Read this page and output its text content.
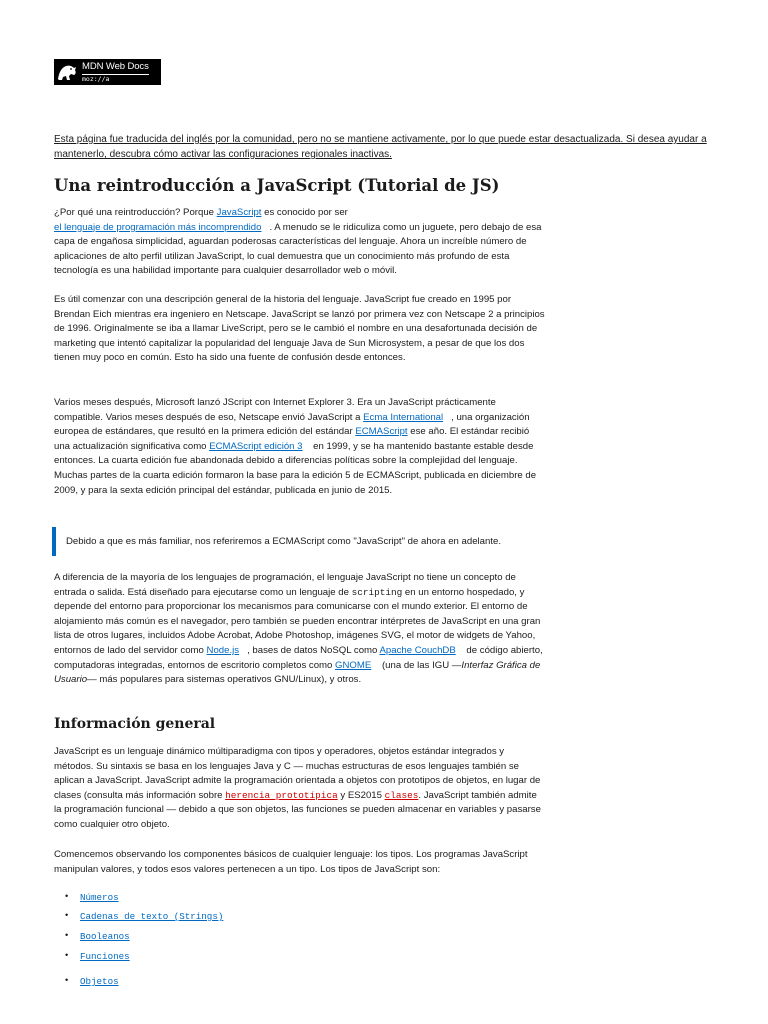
MDN Web Docs
moz://a
Esta página fue traducida del inglés por la comunidad, pero no se mantiene activamente, por lo que puede estar desactualizada. Si desea ayudar a mantenerlo, descubra cómo activar las configuraciones regionales inactivas.
Una reintroducción a JavaScript (Tutorial de JS)

¿Por qué una reintroducción? Porque JavaScript es conocido por ser
el lenguaje de programación más incomprendido . A menudo se le ridiculiza como un juguete, pero debajo de esa capa de engañosa simplicidad, aguardan poderosas características del lenguaje. Ahora un increíble número de aplicaciones de alto perfil utilizan JavaScript, lo cual demuestra que un conocimiento más profundo de esta tecnología es una habilidad importante para cualquier desarrollador web o móvil.

Es útil comenzar con una descripción general de la historia del lenguaje. JavaScript fue creado en 1995 por Brendan Eich mientras era ingeniero en Netscape. JavaScript se lanzó por primera vez con Netscape 2 a principios de 1996. Originalmente se iba a llamar LiveScript, pero se le cambió el nombre en una desafortunada decisión de marketing que intentó capitalizar la popularidad del lenguaje Java de Sun Microsystem, a pesar de que los dos tienen muy poco en común. Esto ha sido una fuente de confusión desde entonces.

Varios meses después, Microsoft lanzó JScript con Internet Explorer 3. Era un JavaScript prácticamente compatible. Varios meses después de eso, Netscape envió JavaScript a Ecma International , una organización europea de estándares, que resultó en la primera edición del estándar ECMAScript ese año. El estándar recibió una actualización significativa como ECMAScript edición 3 en 1999, y se ha mantenido bastante estable desde entonces. La cuarta edición fue abandonada debido a diferencias políticas sobre la complejidad del lenguaje. Muchas partes de la cuarta edición formaron la base para la edición 5 de ECMAScript, publicada en diciembre de 2009, y para la sexta edición principal del estándar, publicada en junio de 2015.

Debido a que es más familiar, nos referiremos a ECMAScript como "JavaScript" de ahora en adelante.

A diferencia de la mayoría de los lenguajes de programación, el lenguaje JavaScript no tiene un concepto de entrada o salida. Está diseñado para ejecutarse como un lenguaje de scripting en un entorno hospedado, y depende del entorno para proporcionar los mecanismos para comunicarse con el mundo exterior. El entorno de alojamiento más común es el navegador, pero también se pueden encontrar intérpretes de JavaScript en una gran lista de otros lugares, incluidos Adobe Acrobat, Adobe Photoshop, imágenes SVG, el motor de widgets de Yahoo, entornos de lado del servidor como Node.js , bases de datos NoSQL como Apache CouchDB de código abierto, computadoras integradas, entornos de escritorio completos como GNOME (una de las IGU —Interfaz Gráfica de Usuario— más populares para sistemas operativos GNU/Linux), y otros.

Información general

JavaScript es un lenguaje dinámico múltiparadigma con tipos y operadores, objetos estándar integrados y métodos. Su sintaxis se basa en los lenguajes Java y C — muchas estructuras de esos lenguajes también se aplican a JavaScript. JavaScript admite la programación orientada a objetos con prototipos de objetos, en lugar de clases (consulta más información sobre herencia prototípica y ES2015 clases. JavaScript también admite la programación funcional — debido a que son objetos, las funciones se pueden almacenar en variables y pasarse como cualquier otro objeto.

Comencemos observando los componentes básicos de cualquier lenguaje: los tipos. Los programas JavaScript manipulan valores, y todos esos valores pertenecen a un tipo. Los tipos de JavaScript son:

• Números
• Cadenas de texto (Strings)
• Booleanos
• Funciones
• Objetos
